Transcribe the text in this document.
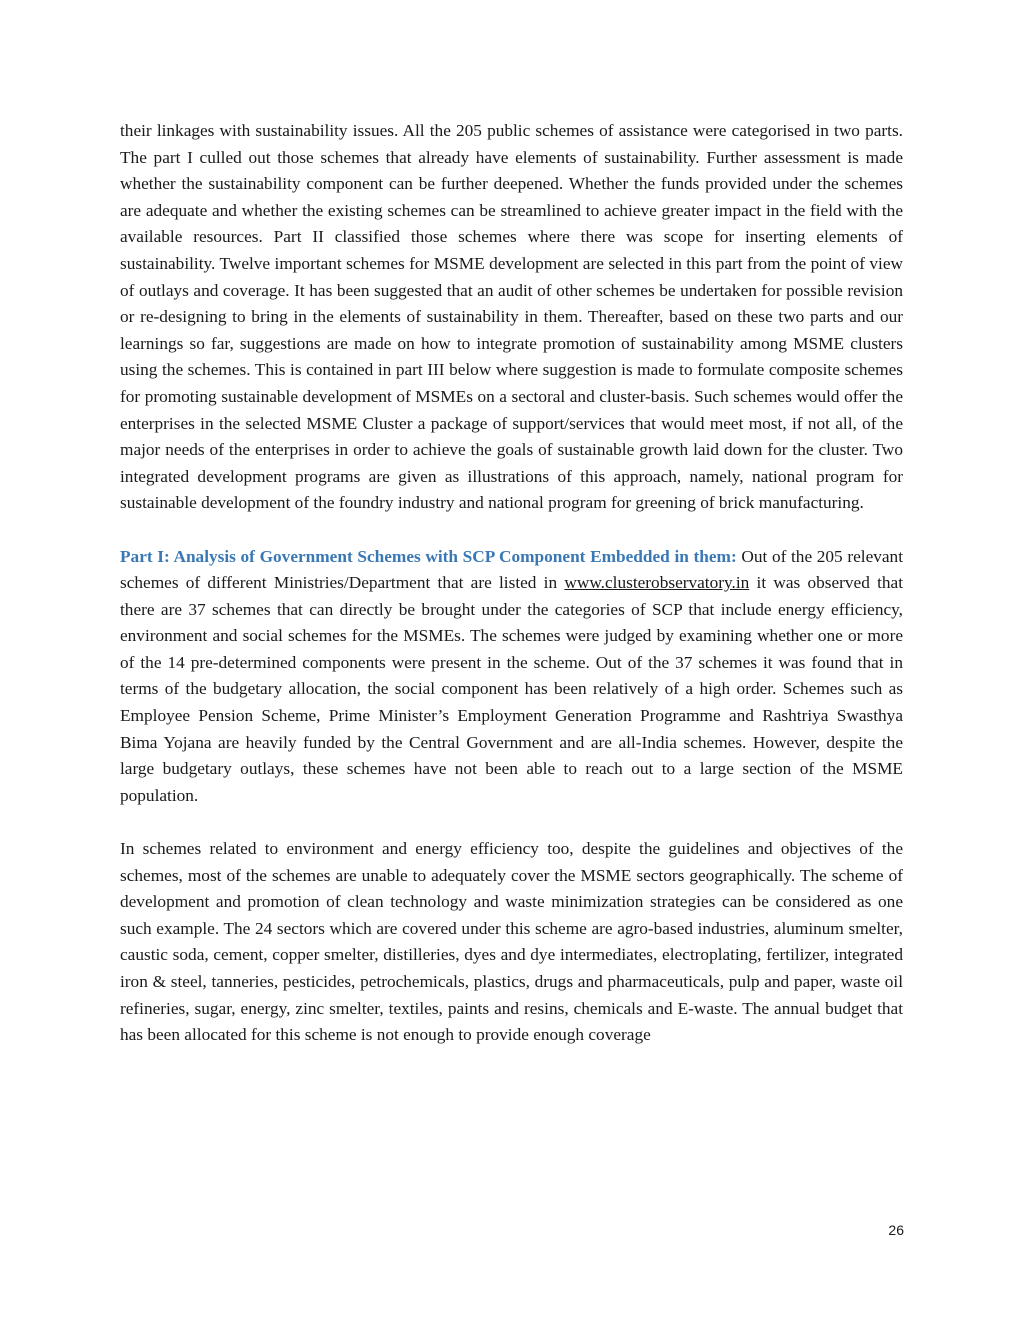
their linkages with sustainability issues. All the 205 public schemes of assistance were categorised in two parts. The part I culled out those schemes that already have elements of sustainability. Further assessment is made whether the sustainability component can be further deepened. Whether the funds provided under the schemes are adequate and whether the existing schemes can be streamlined to achieve greater impact in the field with the available resources. Part II classified those schemes where there was scope for inserting elements of sustainability. Twelve important schemes for MSME development are selected in this part from the point of view of outlays and coverage. It has been suggested that an audit of other schemes be undertaken for possible revision or re-designing to bring in the elements of sustainability in them. Thereafter, based on these two parts and our learnings so far, suggestions are made on how to integrate promotion of sustainability among MSME clusters using the schemes. This is contained in part III below where suggestion is made to formulate composite schemes for promoting sustainable development of MSMEs on a sectoral and cluster-basis. Such schemes would offer the enterprises in the selected MSME Cluster a package of support/services that would meet most, if not all, of the major needs of the enterprises in order to achieve the goals of sustainable growth laid down for the cluster. Two integrated development programs are given as illustrations of this approach, namely, national program for sustainable development of the foundry industry and national program for greening of brick manufacturing.

Part I: Analysis of Government Schemes with SCP Component Embedded in them: Out of the 205 relevant schemes of different Ministries/Department that are listed in www.clusterobservatory.in it was observed that there are 37 schemes that can directly be brought under the categories of SCP that include energy efficiency, environment and social schemes for the MSMEs. The schemes were judged by examining whether one or more of the 14 pre-determined components were present in the scheme. Out of the 37 schemes it was found that in terms of the budgetary allocation, the social component has been relatively of a high order. Schemes such as Employee Pension Scheme, Prime Minister’s Employment Generation Programme and Rashtriya Swasthya Bima Yojana are heavily funded by the Central Government and are all-India schemes. However, despite the large budgetary outlays, these schemes have not been able to reach out to a large section of the MSME population.

In schemes related to environment and energy efficiency too, despite the guidelines and objectives of the schemes, most of the schemes are unable to adequately cover the MSME sectors geographically. The scheme of development and promotion of clean technology and waste minimization strategies can be considered as one such example. The 24 sectors which are covered under this scheme are agro-based industries, aluminum smelter, caustic soda, cement, copper smelter, distilleries, dyes and dye intermediates, electroplating, fertilizer, integrated iron & steel, tanneries, pesticides, petrochemicals, plastics, drugs and pharmaceuticals, pulp and paper, waste oil refineries, sugar, energy, zinc smelter, textiles, paints and resins, chemicals and E-waste. The annual budget that has been allocated for this scheme is not enough to provide enough coverage

26
